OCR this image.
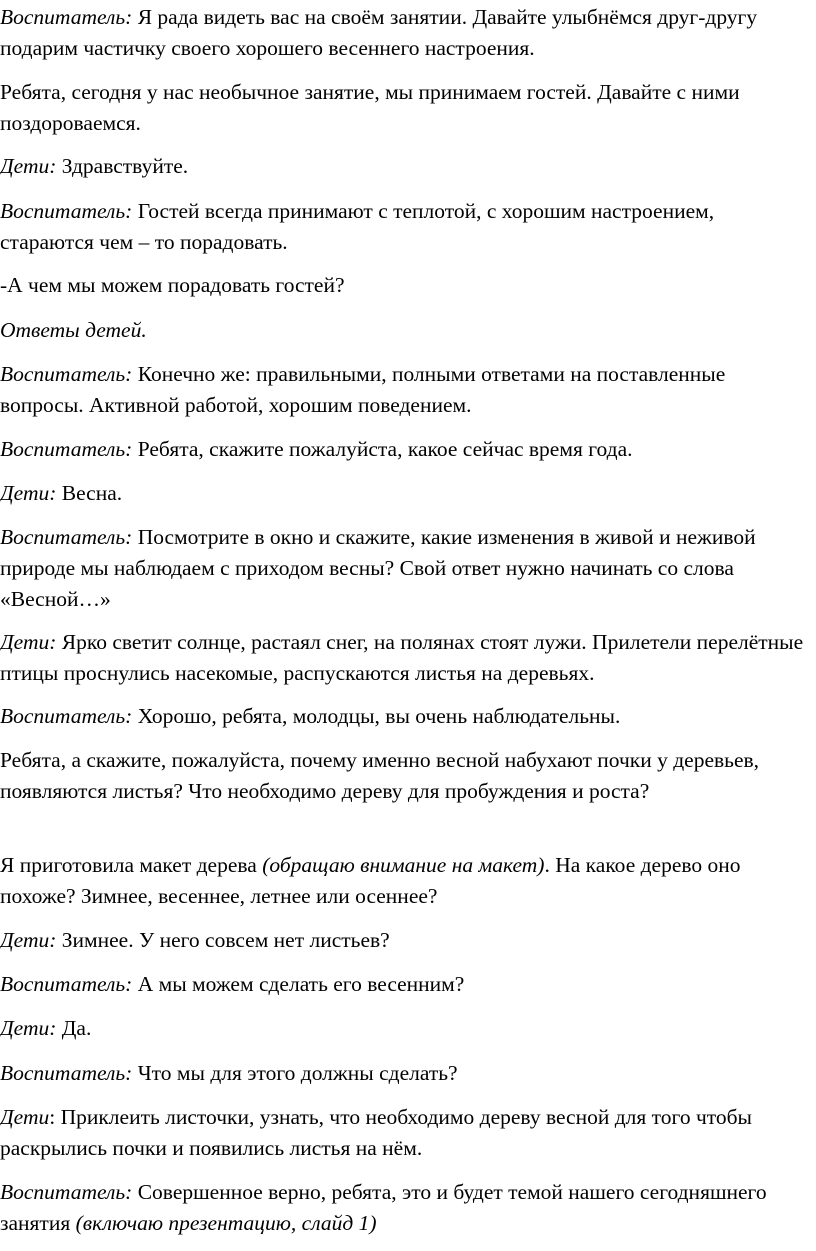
Воспитатель: Я рада видеть вас на своём занятии. Давайте улыбнёмся друг-другу подарим частичку своего хорошего весеннего настроения.

Ребята, сегодня у нас необычное занятие, мы принимаем гостей. Давайте с ними поздороваемся.

Дети: Здравствуйте.

Воспитатель: Гостей всегда принимают с теплотой, с хорошим настроением, стараются чем – то порадовать.

-А чем мы можем порадовать гостей?

Ответы детей.

Воспитатель: Конечно же: правильными, полными ответами на поставленные вопросы. Активной работой, хорошим поведением.

Воспитатель: Ребята, скажите пожалуйста, какое сейчас время года.

Дети: Весна.

Воспитатель: Посмотрите в окно и скажите, какие изменения в живой и неживой природе мы наблюдаем с приходом весны? Свой ответ нужно начинать со слова «Весной…»

Дети: Ярко светит солнце, растаял снег, на полянах стоят лужи. Прилетели перелётные птицы проснулись насекомые, распускаются листья на деревьях.

Воспитатель: Хорошо, ребята, молодцы, вы очень наблюдательны.

Ребята, а скажите, пожалуйста, почему именно весной набухают почки у деревьев, появляются листья? Что необходимо дереву для пробуждения и роста?

Я приготовила макет дерева (обращаю внимание на макет). На какое дерево оно похоже? Зимнее, весеннее, летнее или осеннее?

Дети: Зимнее. У него совсем нет листьев?

Воспитатель: А мы можем сделать его весенним?

Дети: Да.

Воспитатель: Что мы для этого должны сделать?

Дети: Приклеить листочки, узнать, что необходимо дереву весной для того чтобы раскрылись почки и появились листья на нём.

Воспитатель: Совершенное верно, ребята, это и будет темой нашего сегодняшнего занятия (включаю презентацию, слайд 1)
